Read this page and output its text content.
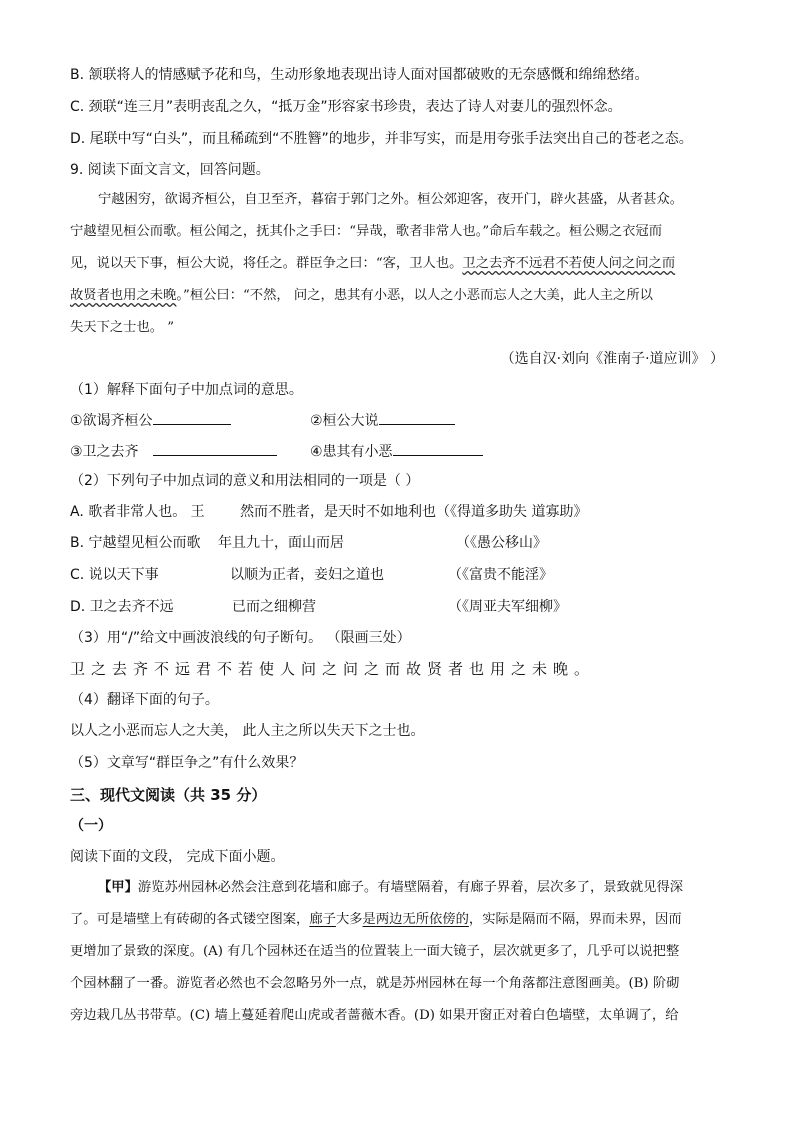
B. 颔联将人的情感赋予花和鸟，生动形象地表现出诗人面对国都破败的无奈感慨和绵绵愁绪。
C. 颈联“连三月”表明丧乱之久，“抵万金”形容家书珍贵，表达了诗人对妻儿的强烈怀念。
D. 尾联中写“白头”，而且稀疏到“不胜簪”的地步，并非写实，而是用夸张手法突出自己的苍老之态。
9. 阅读下面文言文，回答问题。
宁越困穷，欲谒齐桓公，自卫至齐，暮宿于郭门之外。桓公郊迎客，夜开门，辟火甚盛，从者甚众。
宁越望见桓公而歌。桓公闻之，抚其仆之手曰：“异哉，歌者非常人也。”命后车载之。桓公赐之衣冠而
见，说以天下事，桓公大说，将任之。群臣争之曰：“客，卫人也。卫之去齐不远君不若使人问之问之而
故贤者也用之未晚。”桓公曰：“不然， 问之，患其有小恶，以人之小恶而忘人之大美，此人主之所以
失天下之士也。 ”
（选自汉·刘向《淮南子·道应训》 ）
（1）解释下面句子中加点词的意思。
①欲谒齐桓公	②桓公大说
③卫之去齐	④患其有小恶
（2）下列句子中加点词的意义和用法相同的一项是（ ）
A. 歌者非常人也。 王	然而不胜者，是天时不如地利也（《得道多助失 道寡助》
B. 宁越望见桓公而歌 年且九十，面山而居	（《愚公移山》
C. 说以天下事	以顺为正者，妾妇之道也	（《富贵不能淫》
D. 卫之去齐不远	已而之细柳营	（《周亚夫军细柳》
（3）用“/”给文中画波浪线的句子断句。 （限画三处）
卫之去齐不远君不若使人问之问之而故贤者也用之未晚。
（4）翻译下面的句子。
以人之小恶而忘人之大美， 此人主之所以失天下之士也。
（5）文章写“群臣争之”有什么效果？
三、现代文阅读（共 35 分）
（一）
阅读下面的文段， 完成下面小题。
【甲】游览苏州园林必然会注意到花墙和廊子。有墙壁隔着，有廊子界着，层次多了，景致就见得深
了。可是墙壁上有砖砌的各式镂空图案，廊子大多是两边无所依傍的，实际是隔而不隔，界而未界，因而
更增加了景致的深度。(A) 有几个园林还在适当的位置装上一面大镜子，层次就更多了，几乎可以说把整
个园林翻了一番。游览者必然也不会忽略另外一点，就是苏州园林在每一个角落都注意图画美。(B) 阶砌
旁边栽几丛书带草。(C) 墙上蔓延着爬山虎或者蔷薇木香。(D) 如果开窗正对着白色墙壁，太单调了，给
